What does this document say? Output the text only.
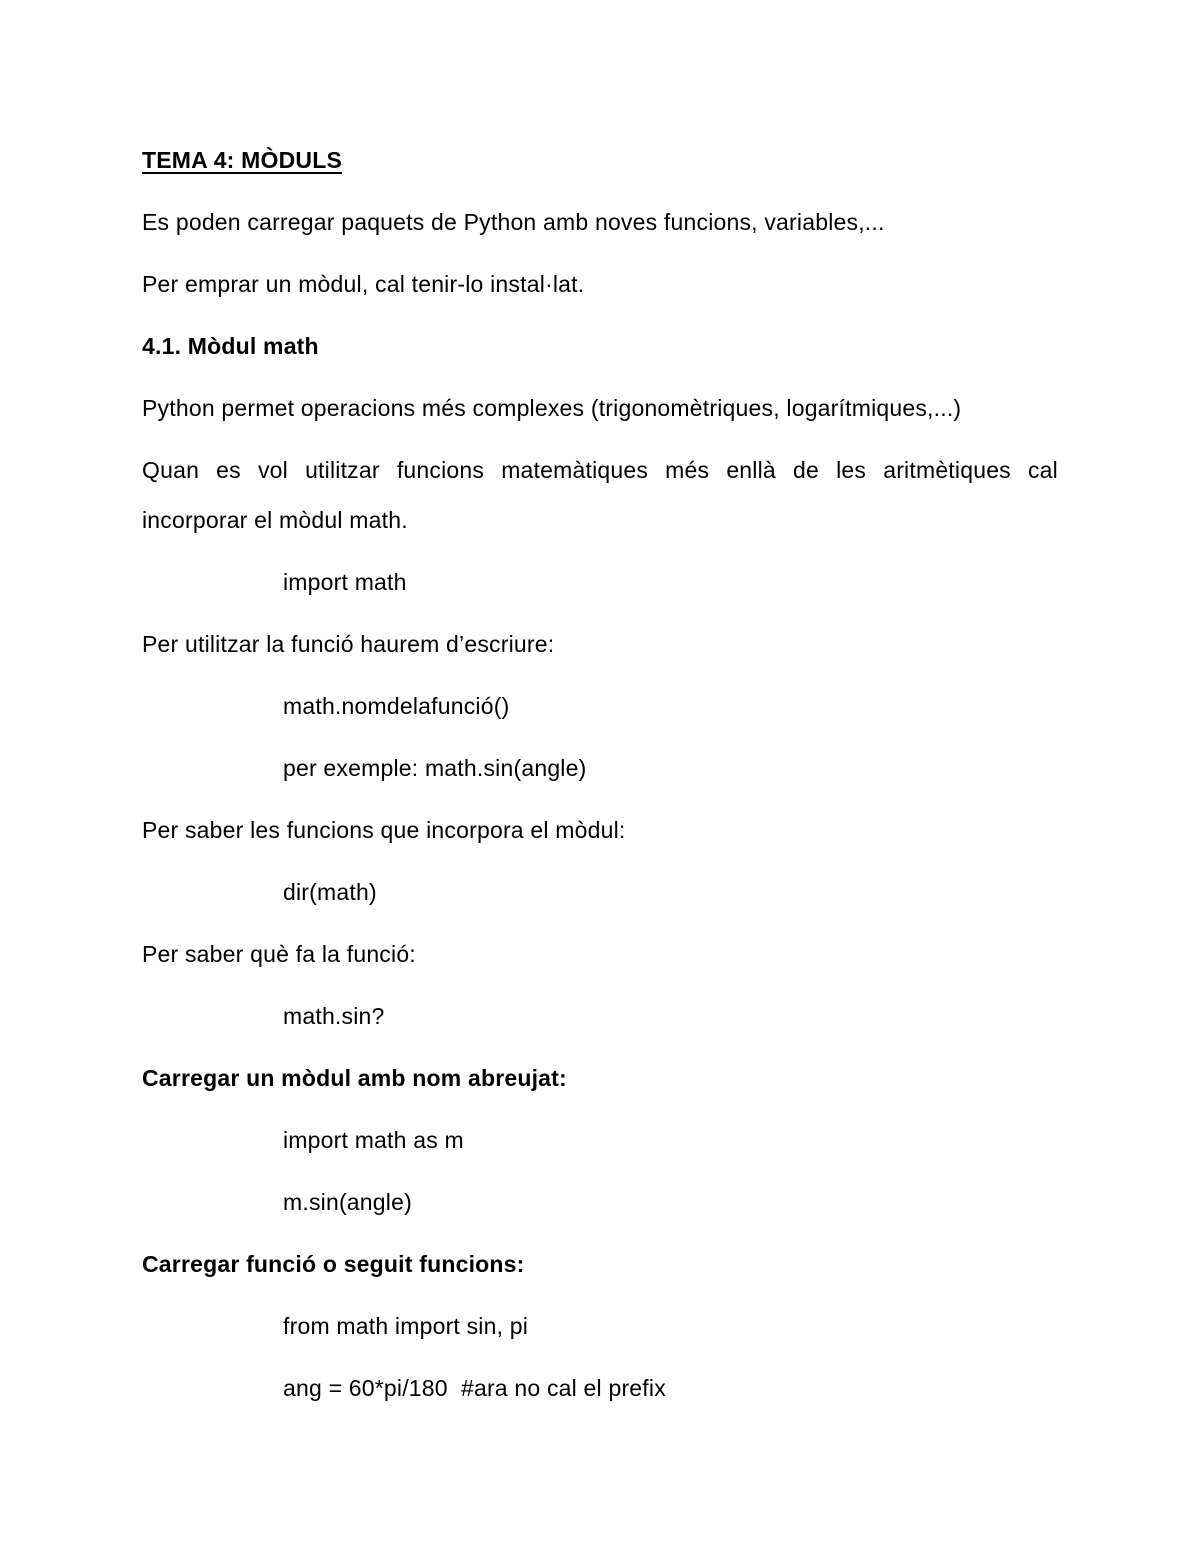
TEMA 4: MÒDULS
Es poden carregar paquets de Python amb noves funcions, variables,...
Per emprar un mòdul, cal tenir-lo instal·lat.
4.1. Mòdul math
Python permet operacions més complexes (trigonomètriques, logarítmiques,...)
Quan es vol utilitzar funcions matemàtiques més enllà de les aritmètiques cal
incorporar el mòdul math.
import math
Per utilitzar la funció haurem d’escriure:
math.nomdelafunció()
per exemple: math.sin(angle)
Per saber les funcions que incorpora el mòdul:
dir(math)
Per saber què fa la funció:
math.sin?
Carregar un mòdul amb nom abreujat:
import math as m
m.sin(angle)
Carregar funció o seguit funcions:
from math import sin, pi
ang = 60*pi/180  #ara no cal el prefix
